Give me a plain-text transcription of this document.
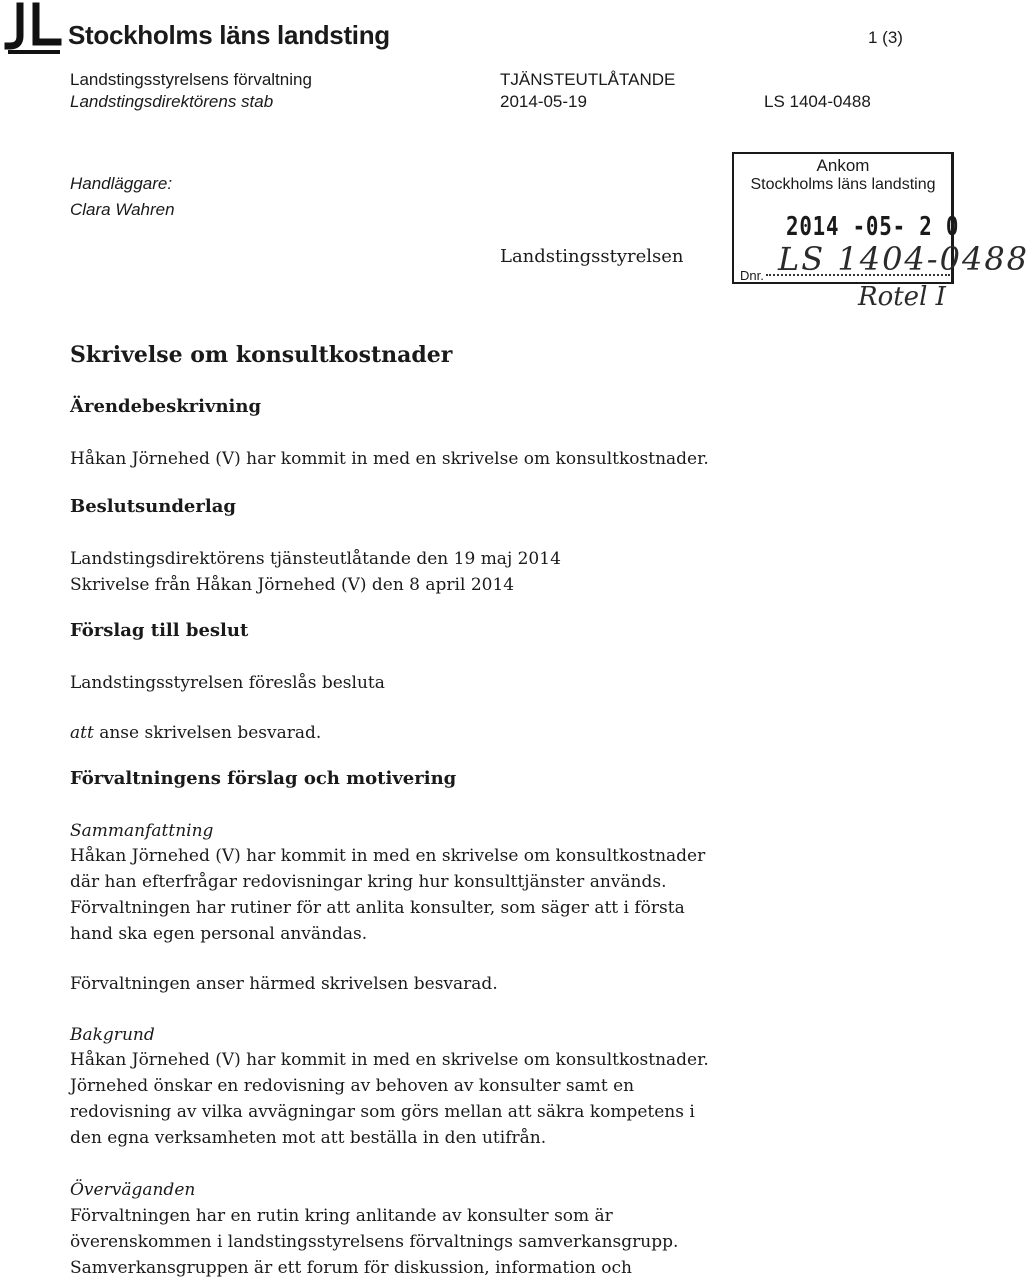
Stockholms läns landsting	1 (3)
Landstingsstyrelsens förvaltning
Landstingsdirektörens stab
TJÄNSTEUTLÅTANDE
2014-05-19	LS 1404-0488
Handläggare:
Clara Wahren
Landstingsstyrelsen
Ankom
Stockholms läns landsting
2014 -05- 2 0
Dnr. LS 1404-0488
Rotel I
Skrivelse om konsultkostnader
Ärendebeskrivning
Håkan Jörnehed (V) har kommit in med en skrivelse om konsultkostnader.
Beslutsunderlag
Landstingsdirektörens tjänsteutlåtande den 19 maj 2014
Skrivelse från Håkan Jörnehed (V) den 8 april 2014
Förslag till beslut
Landstingsstyrelsen föreslås besluta
att anse skrivelsen besvarad.
Förvaltningens förslag och motivering
Sammanfattning
Håkan Jörnehed (V) har kommit in med en skrivelse om konsultkostnader
där han efterfrågar redovisningar kring hur konsulttjänster används.
Förvaltningen har rutiner för att anlita konsulter, som säger att i första
hand ska egen personal användas.
Förvaltningen anser härmed skrivelsen besvarad.
Bakgrund
Håkan Jörnehed (V) har kommit in med en skrivelse om konsultkostnader.
Jörnehed önskar en redovisning av behoven av konsulter samt en
redovisning av vilka avvägningar som görs mellan att säkra kompetens i
den egna verksamheten mot att beställa in den utifrån.
Överväganden
Förvaltningen har en rutin kring anlitande av konsulter som är
överenskommen i landstingsstyrelsens förvaltnings samverkansgrupp.
Samverkansgruppen är ett forum för diskussion, information och
